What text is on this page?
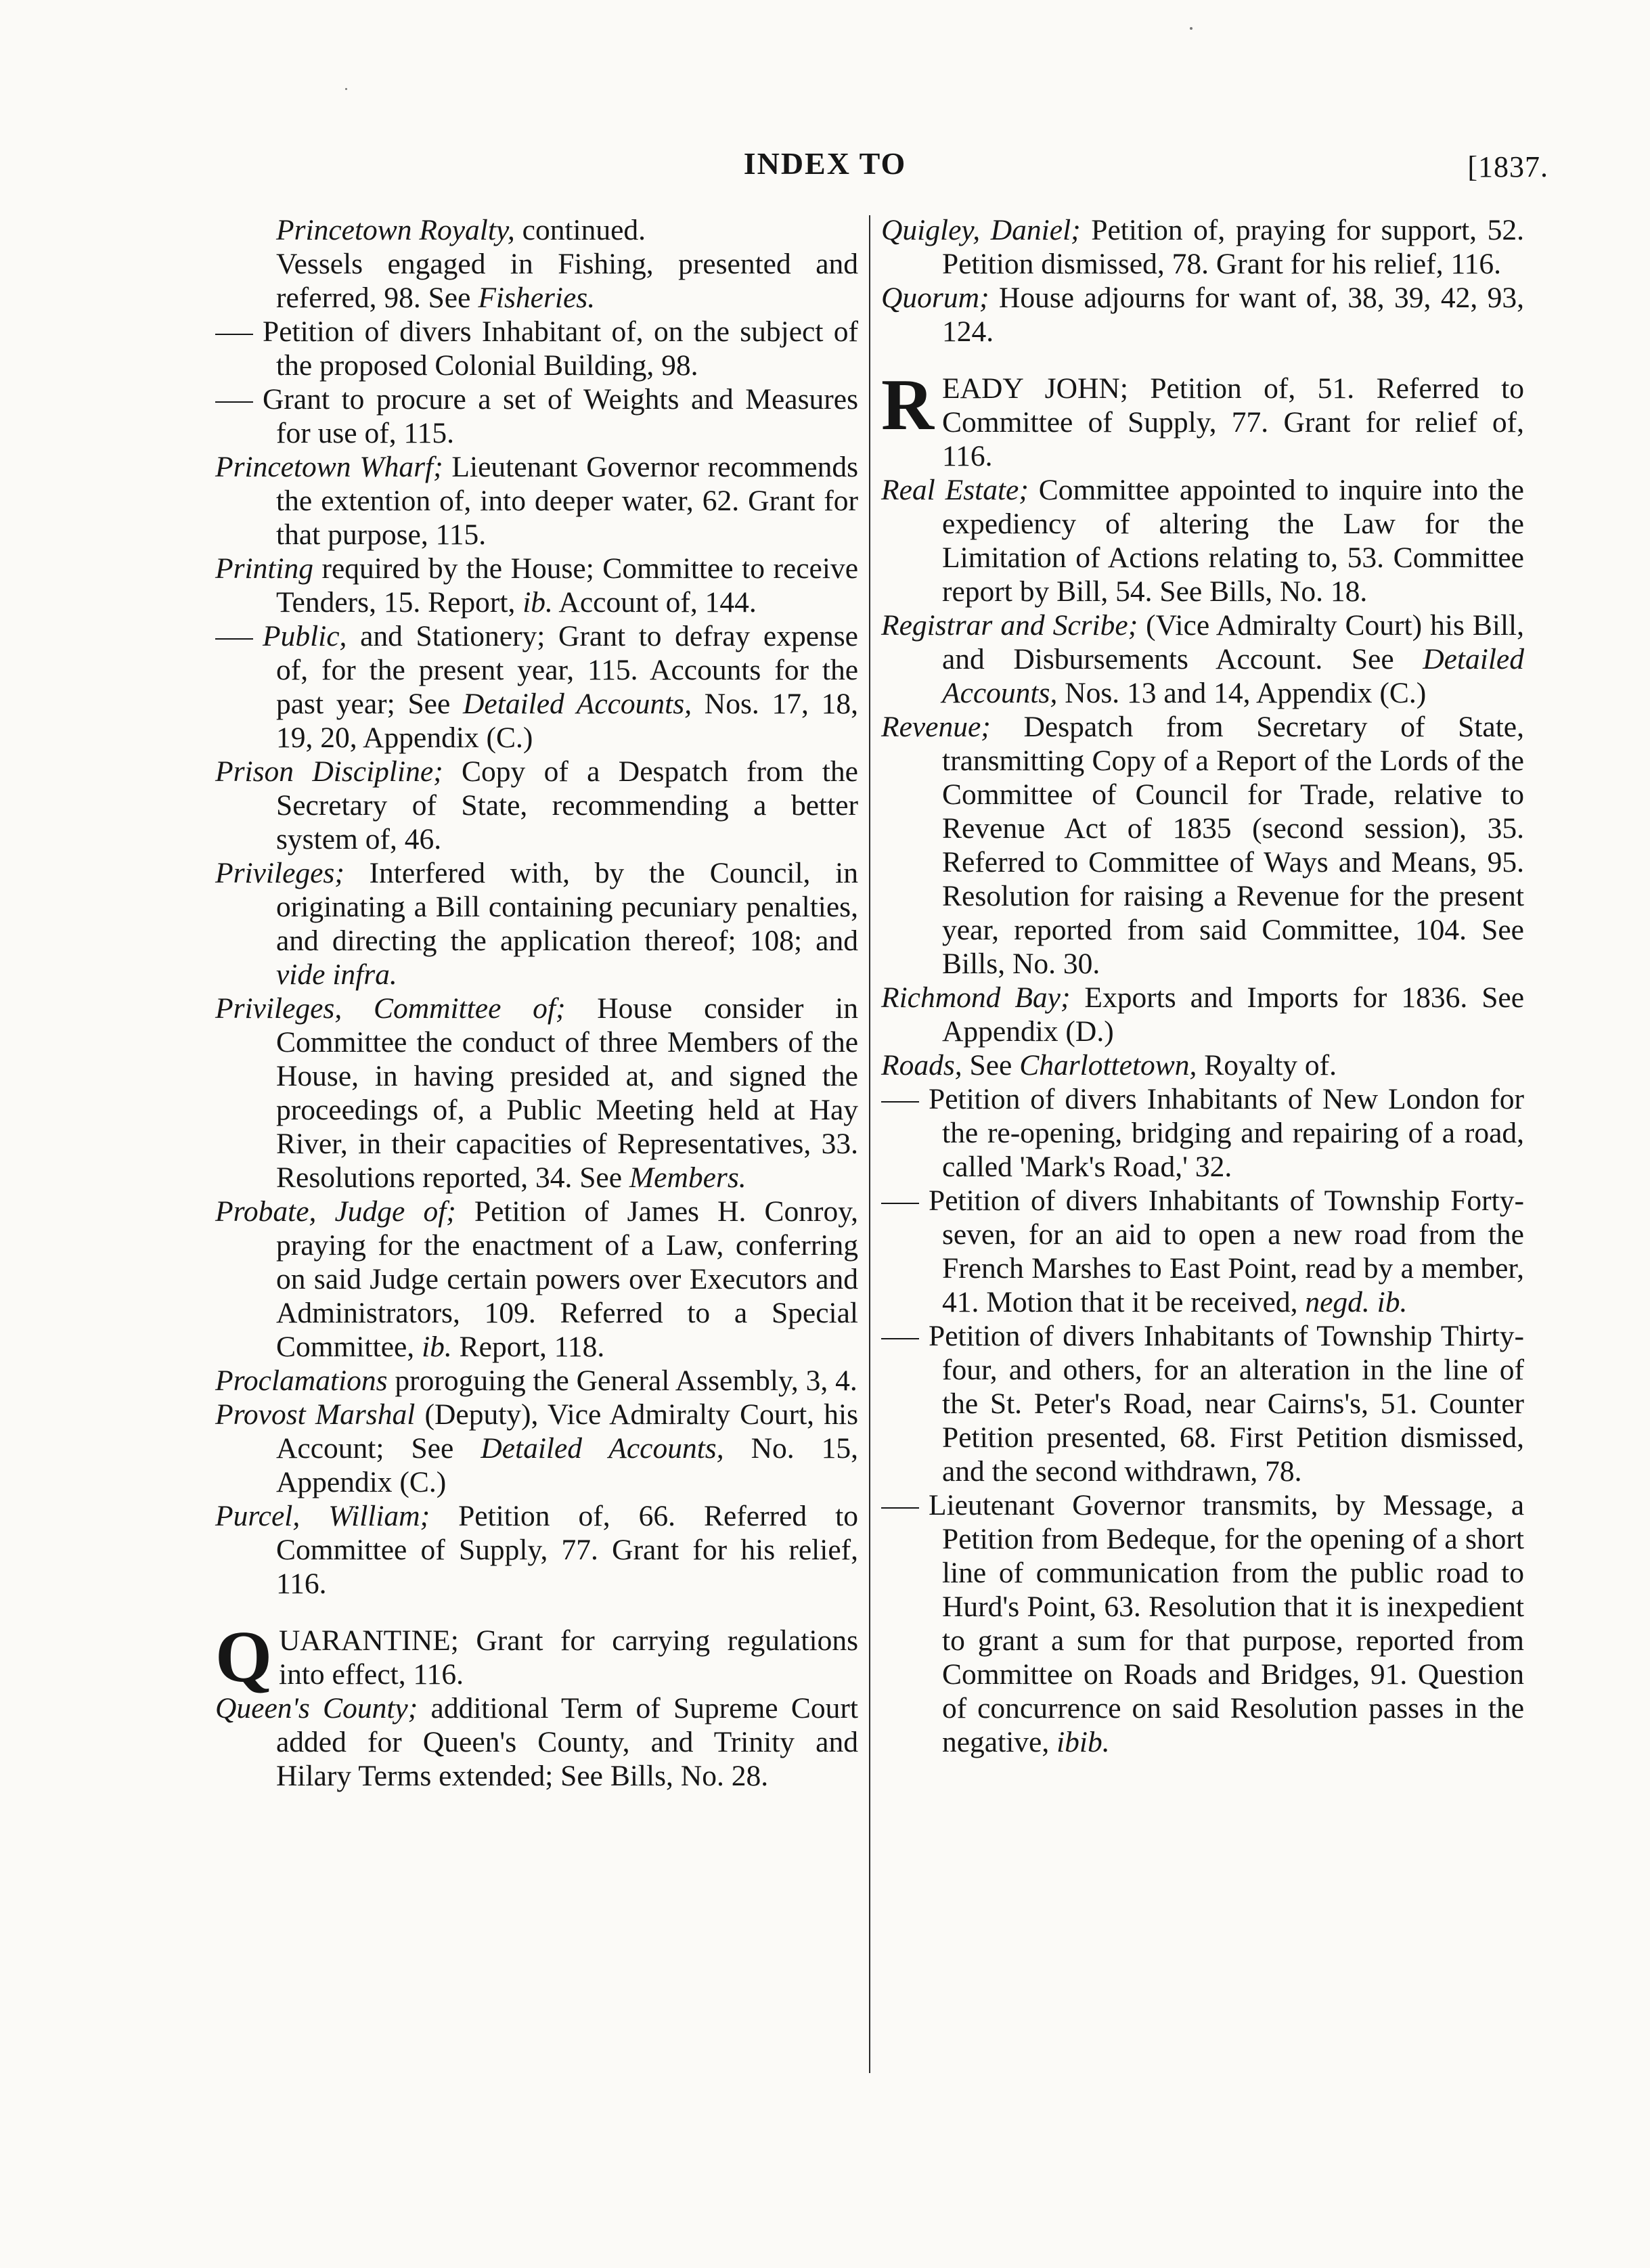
INDEX TO	[1837.

Princetown Royalty, continued.

Vessels engaged in Fishing, presented and referred, 98. See Fisheries.

Petition of divers Inhabitant of, on the subject of the proposed Colonial Building, 98.

Grant to procure a set of Weights and Measures for use of, 115.

Princetown Wharf; Lieutenant Governor recommends the extention of, into deeper water, 62. Grant for that purpose, 115.

Printing required by the House; Committee to receive Tenders, 15. Report, ib. Account of, 144.

Public, and Stationery; Grant to defray expense of, for the present year, 115. Accounts for the past year; See Detailed Accounts, Nos. 17, 18, 19, 20, Appendix (C.)

Prison Discipline; Copy of a Despatch from the Secretary of State, recommending a better system of, 46.

Privileges; Interfered with, by the Council, in originating a Bill containing pecuniary penalties, and directing the application thereof; 108; and vide infra.

Privileges, Committee of; House consider in Committee the conduct of three Members of the House, in having presided at, and signed the proceedings of, a Public Meeting held at Hay River, in their capacities of Representatives, 33. Resolutions reported, 34. See Members.

Probate, Judge of; Petition of James H. Conroy, praying for the enactment of a Law, conferring on said Judge certain powers over Executors and Administrators, 109. Referred to a Special Committee, ib. Report, 118.

Proclamations proroguing the General Assembly, 3, 4.

Provost Marshal (Deputy), Vice Admiralty Court, his Account; See Detailed Accounts, No. 15, Appendix (C.)

Purcel, William; Petition of, 66. Referred to Committee of Supply, 77. Grant for his relief, 116.

QUARANTINE; Grant for carrying regulations into effect, 116.

Queen's County; additional Term of Supreme Court added for Queen's County, and Trinity and Hilary Terms extended; See Bills, No. 28.

Quigley, Daniel; Petition of, praying for support, 52. Petition dismissed, 78. Grant for his relief, 116.

Quorum; House adjourns for want of, 38, 39, 42, 93, 124.

READY JOHN; Petition of, 51. Referred to Committee of Supply, 77. Grant for relief of, 116.

Real Estate; Committee appointed to inquire into the expediency of altering the Law for the Limitation of Actions relating to, 53. Committee report by Bill, 54. See Bills, No. 18.

Registrar and Scribe; (Vice Admiralty Court) his Bill, and Disbursements Account. See Detailed Accounts, Nos. 13 and 14, Appendix (C.)

Revenue; Despatch from Secretary of State, transmitting Copy of a Report of the Lords of the Committee of Council for Trade, relative to Revenue Act of 1835 (second session), 35. Referred to Committee of Ways and Means, 95. Resolution for raising a Revenue for the present year, reported from said Committee, 104. See Bills, No. 30.

Richmond Bay; Exports and Imports for 1836. See Appendix (D.)

Roads, See Charlottetown, Royalty of.

Petition of divers Inhabitants of New London for the re-opening, bridging and repairing of a road, called 'Mark's Road,' 32.

Petition of divers Inhabitants of Township Forty-seven, for an aid to open a new road from the French Marshes to East Point, read by a member, 41. Motion that it be received, negd. ib.

Petition of divers Inhabitants of Township Thirty-four, and others, for an alteration in the line of the St. Peter's Road, near Cairns's, 51. Counter Petition presented, 68. First Petition dismissed, and the second withdrawn, 78.

Lieutenant Governor transmits, by Message, a Petition from Bedeque, for the opening of a short line of communication from the public road to Hurd's Point, 63. Resolution that it is inexpedient to grant a sum for that purpose, reported from Committee on Roads and Bridges, 91. Question of concurrence on said Resolution passes in the negative, ibib.
